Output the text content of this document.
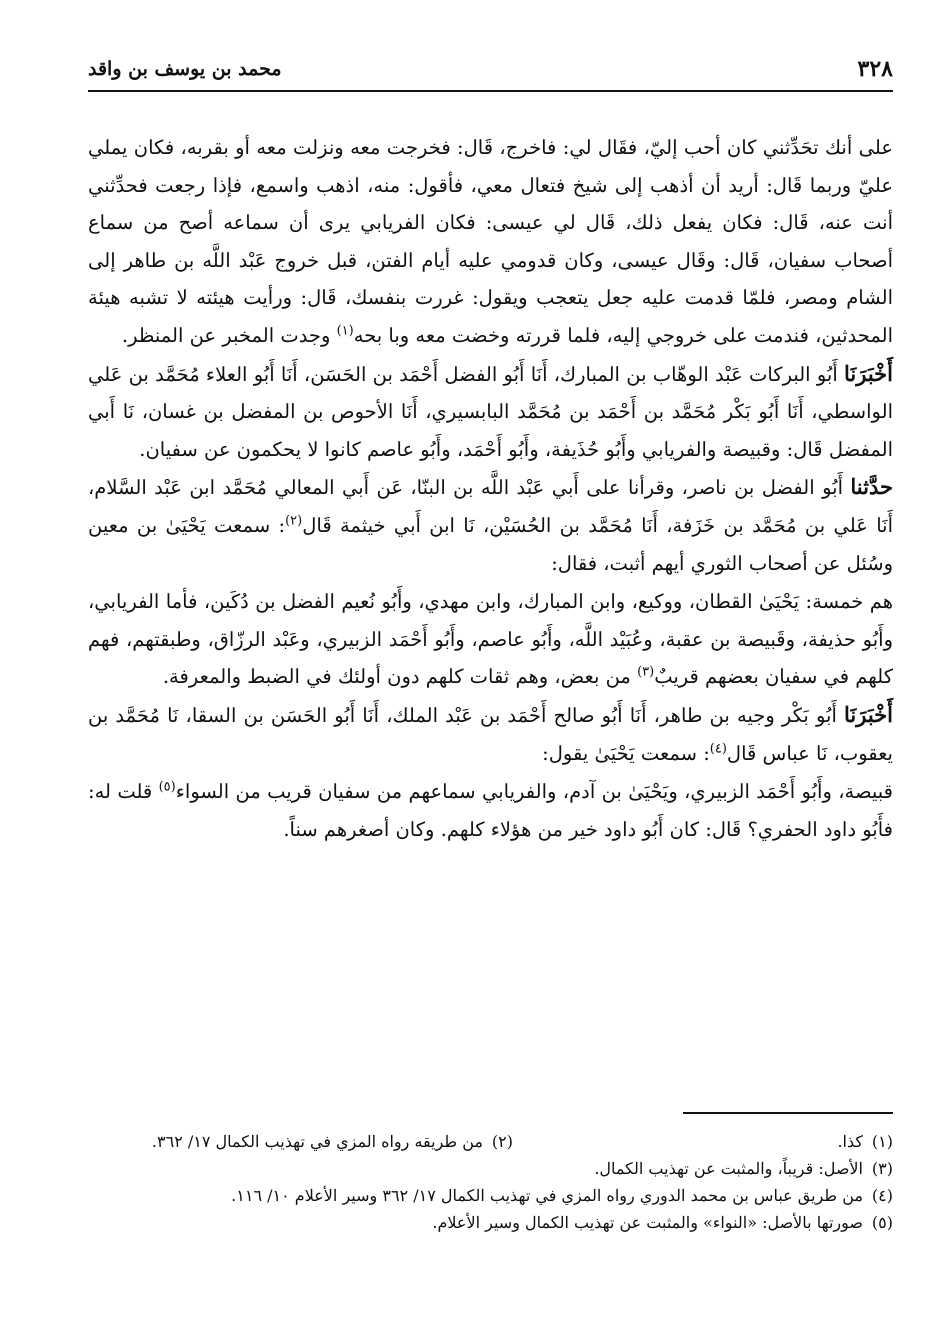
٣٢٨
محمد بن يوسف بن واقد

على أنك تحَدِّثني كان أحب إليّ، فقَال لي: فاخرج، قَال: فخرجت معه ونزلت معه أو بقربه، فكان يملي عليّ وربما قَال: أريد أن أذهب إلى شيخ فتعال معي، فأقول: منه، اذهب واسمع، فإذا رجعت فحدِّثني أنت عنه، قَال: فكان يفعل ذلك، قَال لي عيسى: فكان الفريابي يرى أن سماعه أصح من سماع أصحاب سفيان، قَال: وقَال عيسى، وكان قدومي عليه أيام الفتن، قبل خروج عَبْد اللَّه بن طاهر إلى الشام ومصر، فلمّا قدمت عليه جعل يتعجب ويقول: غررت بنفسك، قَال: ورأيت هيئته لا تشبه هيئة المحدثين، فندمت على خروجي إليه، فلما قررته وخضت معه وبا بحه$^{(١)}$ وجدت المخبر عن المنظر.

أَخْبَرَنَا أَبُو البركات عَبْد الوهّاب بن المبارك، أَنَا أَبُو الفضل أَحْمَد بن الحَسَن، أَنَا أَبُو العلاء مُحَمَّد بن عَلي الواسطي، أَنَا أَبُو بَكْر مُحَمَّد بن أَحْمَد بن مُحَمَّد البابسيري، أَنَا الأحوص بن المفضل بن غسان، نَا أَبي المفضل قَال: وقبيصة والفريابي وأَبُو حُذَيفة، وأَبُو أَحْمَد، وأَبُو عاصم كانوا لا يحكمون عن سفيان.

حدَّثنا أَبُو الفضل بن ناصر، وقرأنا على أَبي عَبْد اللَّه بن البنّا، عَن أَبي المعالي مُحَمَّد ابن عَبْد السَّلام، أَنَا عَلي بن مُحَمَّد بن خَزَفة، أَنَا مُحَمَّد بن الحُسَيْن، نَا ابن أَبي خيثمة قَال$^{(٢)}$: سمعت يَحْيَىٰ بن معين وسُئل عن أصحاب الثوري أيهم أثبت، فقال:

هم خمسة: يَحْيَىٰ القطان، ووكيع، وابن المبارك، وابن مهدي، وأَبُو نُعيم الفضل بن دُكَين، فأما الفريابي، وأَبُو حذيفة، وقَبيصة بن عقبة، وعُبَيْد اللَّه، وأَبُو عاصم، وأَبُو أَحْمَد الزبيري، وعَبْد الرزّاق، وطبقتهم، فهم كلهم في سفيان بعضهم قريبٌ$^{(٣)}$ من بعض، وهم ثقات كلهم دون أولئك في الضبط والمعرفة.

أَخْبَرَنَا أَبُو بَكْر وجيه بن طاهر، أَنَا أَبُو صالح أَحْمَد بن عَبْد الملك، أَنَا أَبُو الحَسَن بن السقا، نَا مُحَمَّد بن يعقوب، نَا عباس قَال$^{(٤)}$: سمعت يَحْيَىٰ يقول:

قبيصة، وأَبُو أَحْمَد الزبيري، ويَحْيَىٰ بن آدم، والفريابي سماعهم من سفيان قريب من السواء$^{(٥)}$ قلت له: فأَبُو داود الحفري؟ قَال: كان أَبُو داود خير من هؤلاء كلهم. وكان أصغرهم سناً.

(١)كذا.
(٢)من طريقه رواه المزي في تهذيب الكمال ١٧/ ٣٦٢.
(٣)الأصل: قريباً، والمثبت عن تهذيب الكمال.
(٤)من طريق عباس بن محمد الدوري رواه المزي في تهذيب الكمال ١٧/ ٣٦٢ وسير الأعلام ١٠/ ١١٦.
(٥)صورتها بالأصل: «النواء» والمثبت عن تهذيب الكمال وسير الأعلام.
